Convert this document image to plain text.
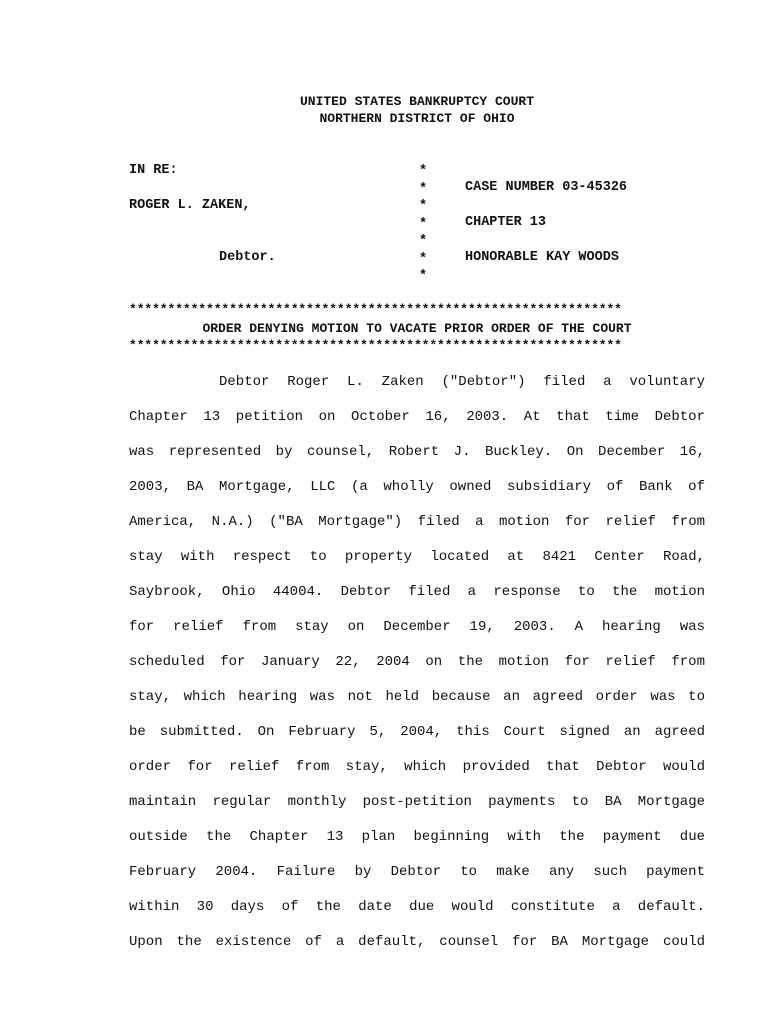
UNITED STATES BANKRUPTCY COURT
NORTHERN DISTRICT OF OHIO
IN RE:
ROGER L. ZAKEN,
Debtor.
*
*
*
*
*
*
*
CASE NUMBER 03-45326
CHAPTER 13
HONORABLE KAY WOODS
****************************************************************
ORDER DENYING MOTION TO VACATE PRIOR ORDER OF THE COURT
****************************************************************
Debtor Roger L. Zaken ("Debtor") filed a voluntary
Chapter 13 petition on October 16, 2003. At that time Debtor
was represented by counsel, Robert J. Buckley. On December 16,
2003, BA Mortgage, LLC (a wholly owned subsidiary of Bank of
America, N.A.) ("BA Mortgage") filed a motion for relief from
stay with respect to property located at 8421 Center Road,
Saybrook, Ohio 44004. Debtor filed a response to the motion
for relief from stay on December 19, 2003. A hearing was
scheduled for January 22, 2004 on the motion for relief from
stay, which hearing was not held because an agreed order was to
be submitted. On February 5, 2004, this Court signed an agreed
order for relief from stay, which provided that Debtor would
maintain regular monthly post-petition payments to BA Mortgage
outside the Chapter 13 plan beginning with the payment due
February 2004. Failure by Debtor to make any such payment
within 30 days of the date due would constitute a default.
Upon the existence of a default, counsel for BA Mortgage could
